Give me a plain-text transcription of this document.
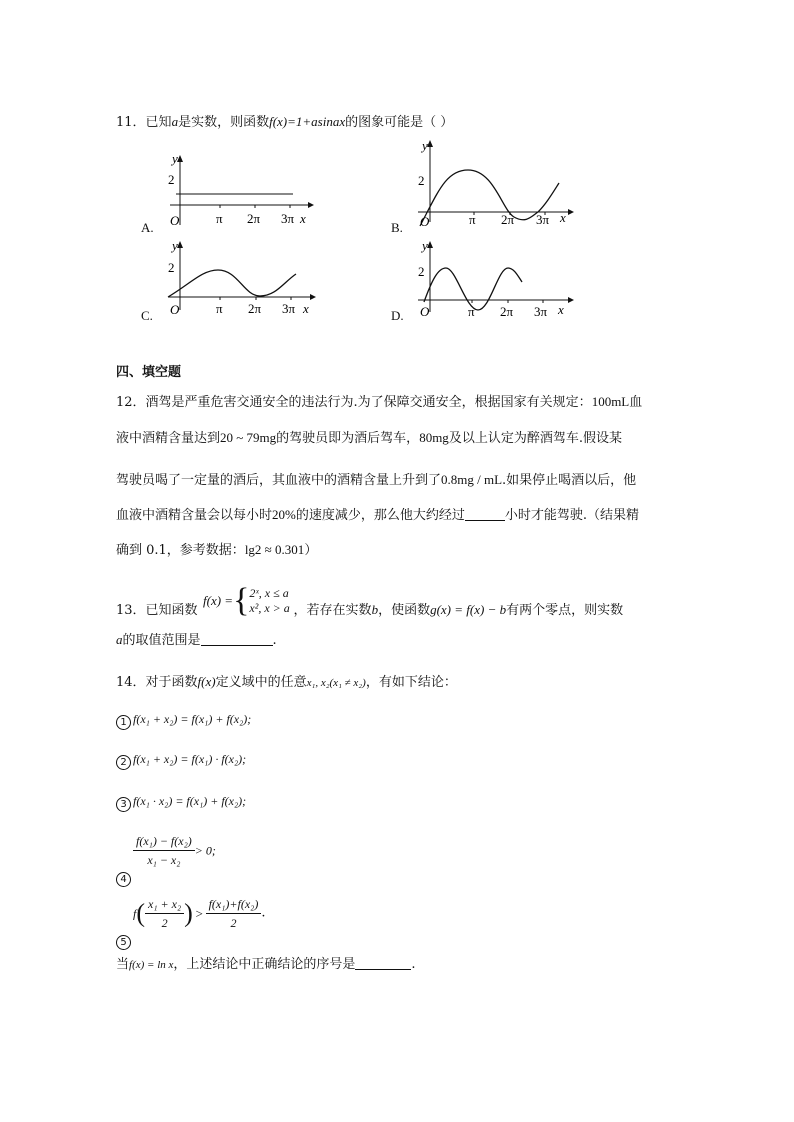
11．已知a是实数，则函数f(x)=1+asinax的图象可能是（ ）
A.
y
2
O	π 2π 3π x
B.
y
2
O	π 2π 3π x
C.
y
2
O	π 2π 3π x	D.
y
2
O	π 2π 3π x
四、填空题
12．酒驾是严重危害交通安全的违法行为.为了保障交通安全，根据国家有关规定：100mL血
液中酒精含量达到20 ~ 79mg的驾驶员即为酒后驾车，80mg及以上认定为醉酒驾车.假设某
驾驶员喝了一定量的酒后，其血液中的酒精含量上升到了0.8mg / mL.如果停止喝酒以后，他
血液中酒精含量会以每小时20%的速度减少，那么他大约经过	小时才能驾驶.（结果精
确到 0.1，参考数据：lg2 ≈ 0.301）
f(x) ={ 2ˣ, x ≤ a
x², x > a
13．已知函数	，若存在实数b，使函数g(x) = f(x) − b有两个零点，则实数
a的取值范围是	.
14．对于函数f(x)定义域中的任意x₁, x₂(x₁ ≠ x₂)，有如下结论：
1 f(x₁ + x₂) = f(x₁) + f(x₂);
2 f(x₁ + x₂) = f(x₁) · f(x₂);
3 f(x₁ · x₂) = f(x₁) + f(x₂);
4
$\frac{\text{f(x₁) − f(x₂)}}{\text{x₁ − x₂}} > 0$;
$5f( \frac{\text{x₁ + x₂}}{2}$ ) > $\frac{\text{f(x₁)+f(x₂)}}{2}$ .
当f(x) = ln x，上述结论中正确结论的序号是	.
